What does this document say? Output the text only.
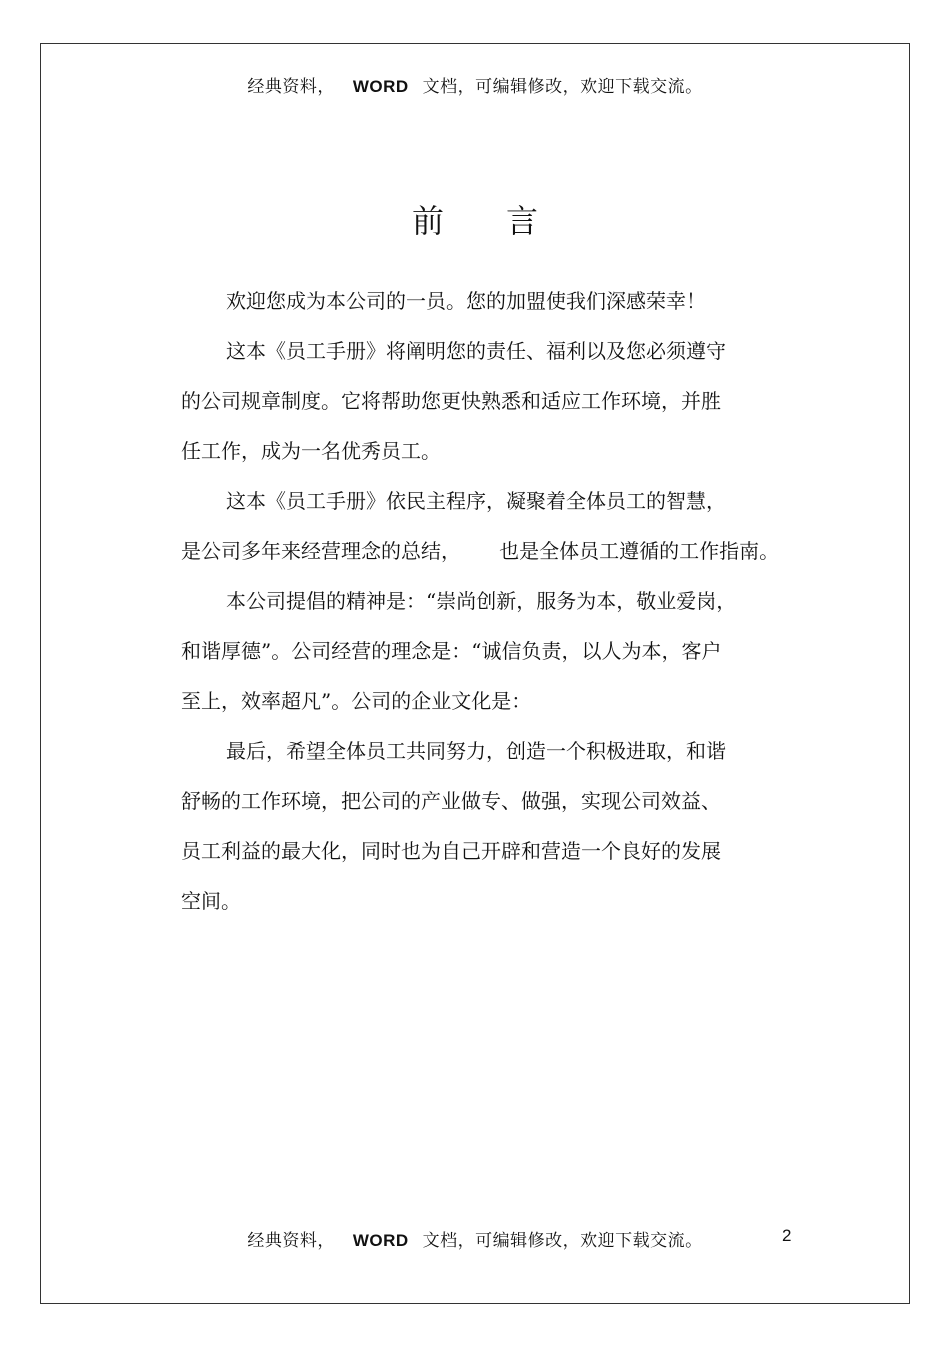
经典资料， WORD 文档，可编辑修改，欢迎下载交流。
前 言

欢迎您成为本公司的一员。您的加盟使我们深感荣幸！

这本《员工手册》将阐明您的责任、福利以及您必须遵守

的公司规章制度。它将帮助您更快熟悉和适应工作环境，并胜

任工作，成为一名优秀员工。

这本《员工手册》依民主程序，凝聚着全体员工的智慧，

是公司多年来经营理念的总结， 也是全体员工遵循的工作指南。

本公司提倡的精神是：“崇尚创新，服务为本，敬业爱岗，

和谐厚德”。公司经营的理念是：“诚信负责，以人为本，客户

至上，效率超凡”。公司的企业文化是：

最后，希望全体员工共同努力，创造一个积极进取，和谐

舒畅的工作环境，把公司的产业做专、做强，实现公司效益、

员工利益的最大化，同时也为自己开辟和营造一个良好的发展

空间。

经典资料， WORD 文档，可编辑修改，欢迎下载交流。	2
